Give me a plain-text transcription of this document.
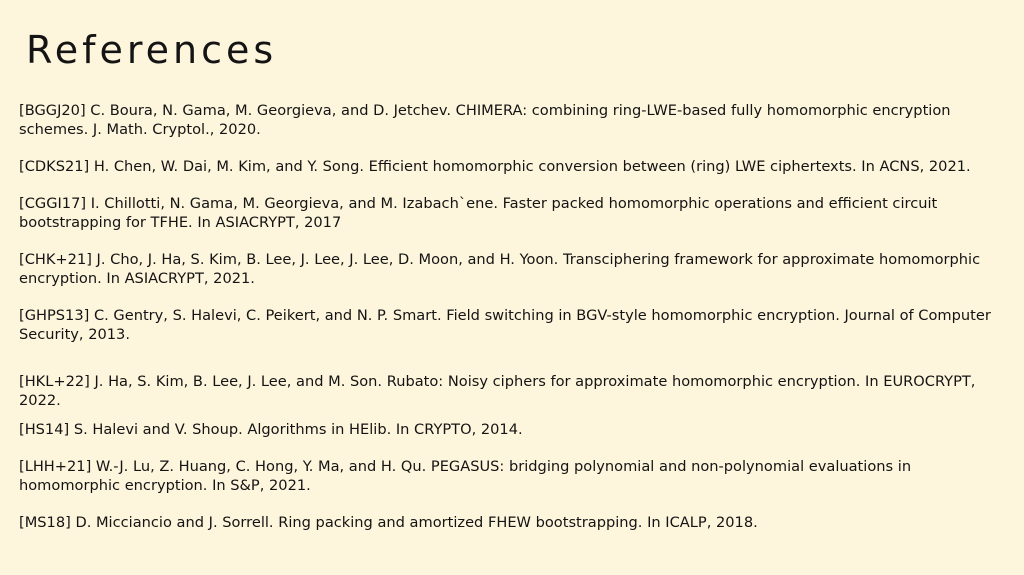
References

[BGGJ20] C. Boura, N. Gama, M. Georgieva, and D. Jetchev. CHIMERA: combining ring-LWE-based fully homomorphic encryption schemes. J. Math. Cryptol., 2020.

[CDKS21] H. Chen, W. Dai, M. Kim, and Y. Song. Efficient homomorphic conversion between (ring) LWE ciphertexts. In ACNS, 2021.

[CGGI17] I. Chillotti, N. Gama, M. Georgieva, and M. Izabach`ene. Faster packed homomorphic operations and efficient circuit bootstrapping for TFHE. In ASIACRYPT, 2017

[CHK+21] J. Cho, J. Ha, S. Kim, B. Lee, J. Lee, J. Lee, D. Moon, and H. Yoon. Transciphering framework for approximate homomorphic encryption. In ASIACRYPT, 2021.

[GHPS13] C. Gentry, S. Halevi, C. Peikert, and N. P. Smart. Field switching in BGV-style homomorphic encryption. Journal of Computer Security, 2013.

[HKL+22] J. Ha, S. Kim, B. Lee, J. Lee, and M. Son. Rubato: Noisy ciphers for approximate homomorphic encryption. In EUROCRYPT, 2022.

[HS14] S. Halevi and V. Shoup. Algorithms in HElib. In CRYPTO, 2014.

[LHH+21] W.-J. Lu, Z. Huang, C. Hong, Y. Ma, and H. Qu. PEGASUS: bridging polynomial and non-polynomial evaluations in homomorphic encryption. In S&P, 2021.

[MS18] D. Micciancio and J. Sorrell. Ring packing and amortized FHEW bootstrapping. In ICALP, 2018.
